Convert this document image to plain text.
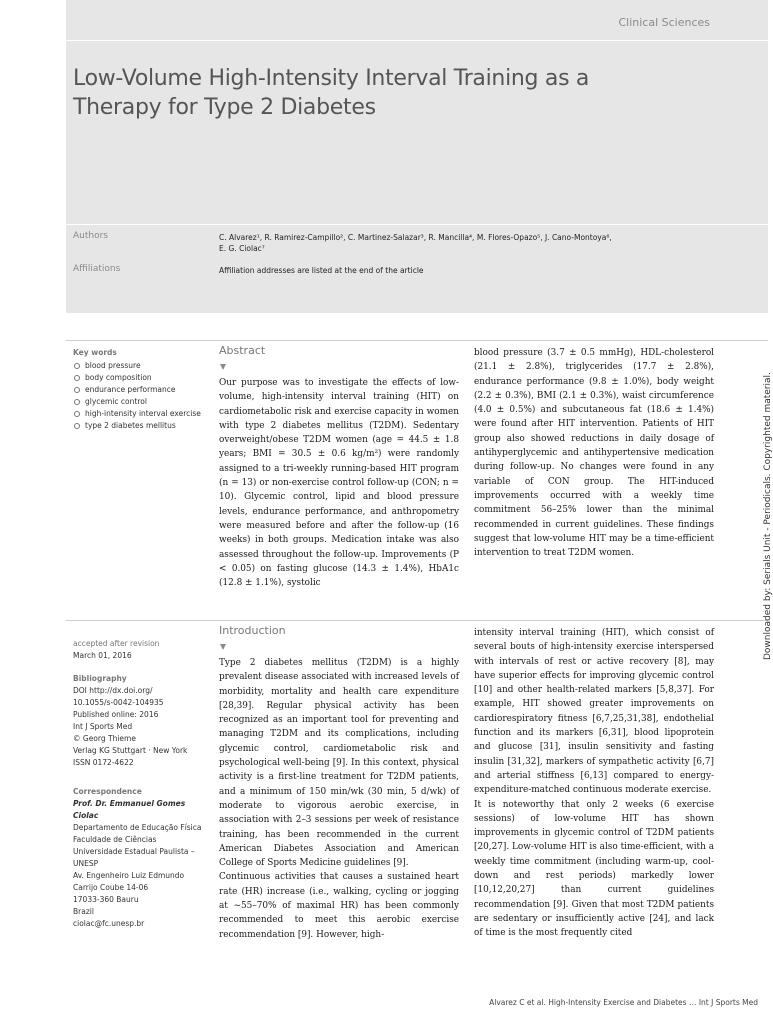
Clinical Sciences
Low-Volume High-Intensity Interval Training as a
Therapy for Type 2 Diabetes
Authors	C. Alvarez¹, R. Ramirez-Campillo², C. Martinez-Salazar³, R. Mancilla⁴, M. Flores-Opazo⁵, J. Cano-Montoya⁶,
E. G. Ciolac⁷
Affiliations	Affiliation addresses are listed at the end of the article
Key words
blood pressure
body composition
endurance performance
glycemic control
high-intensity interval exercise
type 2 diabetes mellitus
Abstract

Our purpose was to investigate the effects of low-volume, high-intensity interval training (HIT) on cardiometabolic risk and exercise capacity in women with type 2 diabetes mellitus (T2DM). Sedentary overweight/obese T2DM women (age = 44.5 ± 1.8 years; BMI = 30.5 ± 0.6 kg/m²) were randomly assigned to a tri-weekly running-based HIT program (n = 13) or non-exercise control follow-up (CON; n = 10). Glycemic control, lipid and blood pressure levels, endurance performance, and anthropometry were measured before and after the follow-up (16 weeks) in both groups. Medication intake was also assessed throughout the follow-up. Improvements (P < 0.05) on fasting glucose (14.3 ± 1.4%), HbA1c (12.8 ± 1.1%), systolic

blood pressure (3.7 ± 0.5 mmHg), HDL-cholesterol (21.1 ± 2.8%), triglycerides (17.7 ± 2.8%), endurance performance (9.8 ± 1.0%), body weight (2.2 ± 0.3%), BMI (2.1 ± 0.3%), waist circumference (4.0 ± 0.5%) and subcutaneous fat (18.6 ± 1.4%) were found after HIT intervention. Patients of HIT group also showed reductions in daily dosage of antihyperglycemic and antihypertensive medication during follow-up. No changes were found in any variable of CON group. The HIT-induced improvements occurred with a weekly time commitment 56–25% lower than the minimal recommended in current guidelines. These findings suggest that low-volume HIT may be a time-efficient intervention to treat T2DM women.

accepted after revision
March 01, 2016
Bibliography
DOI http://dx.doi.org/
10.1055/s-0042-104935
Published online: 2016
Int J Sports Med
© Georg Thieme
Verlag KG Stuttgart · New York
ISSN 0172-4622
Correspondence
Prof. Dr. Emmanuel Gomes Ciolac
Departamento de Educação Física
Faculdade de Ciências
Universidade Estadual Paulista – UNESP
Av. Engenheiro Luiz Edmundo
Carrijo Coube 14-06
17033-360 Bauru
Brazil
ciolac@fc.unesp.br
Introduction

Type 2 diabetes mellitus (T2DM) is a highly prevalent disease associated with increased levels of morbidity, mortality and health care expenditure [28,39]. Regular physical activity has been recognized as an important tool for preventing and managing T2DM and its complications, including glycemic control, cardiometabolic risk and psychological well-being [9]. In this context, physical activity is a first-line treatment for T2DM patients, and a minimum of 150 min/wk (30 min, 5 d/wk) of moderate to vigorous aerobic exercise, in association with 2–3 sessions per week of resistance training, has been recommended in the current American Diabetes Association and American College of Sports Medicine guidelines [9].

Continuous activities that causes a sustained heart rate (HR) increase (i.e., walking, cycling or jogging at ~55–70% of maximal HR) has been commonly recommended to meet this aerobic exercise recommendation [9]. However, high-

intensity interval training (HIT), which consist of several bouts of high-intensity exercise interspersed with intervals of rest or active recovery [8], may have superior effects for improving glycemic control [10] and other health-related markers [5,8,37]. For example, HIT showed greater improvements on cardiorespiratory fitness [6,7,25,31,38], endothelial function and its markers [6,31], blood lipoprotein and glucose [31], insulin sensitivity and fasting insulin [31,32], markers of sympathetic activity [6,7] and arterial stiffness [6,13] compared to energy-expenditure-matched continuous moderate exercise.

It is noteworthy that only 2 weeks (6 exercise sessions) of low-volume HIT has shown improvements in glycemic control of T2DM patients [20,27]. Low-volume HIT is also time-efficient, with a weekly time commitment (including warm-up, cool-down and rest periods) markedly lower [10,12,20,27] than current guidelines recommendation [9]. Given that most T2DM patients are sedentary or insufficiently active [24], and lack of time is the most frequently cited

Downloaded by: Serials Unit - Periodicals. Copyrighted material.
Alvarez C et al. High-Intensity Exercise and Diabetes … Int J Sports Med
